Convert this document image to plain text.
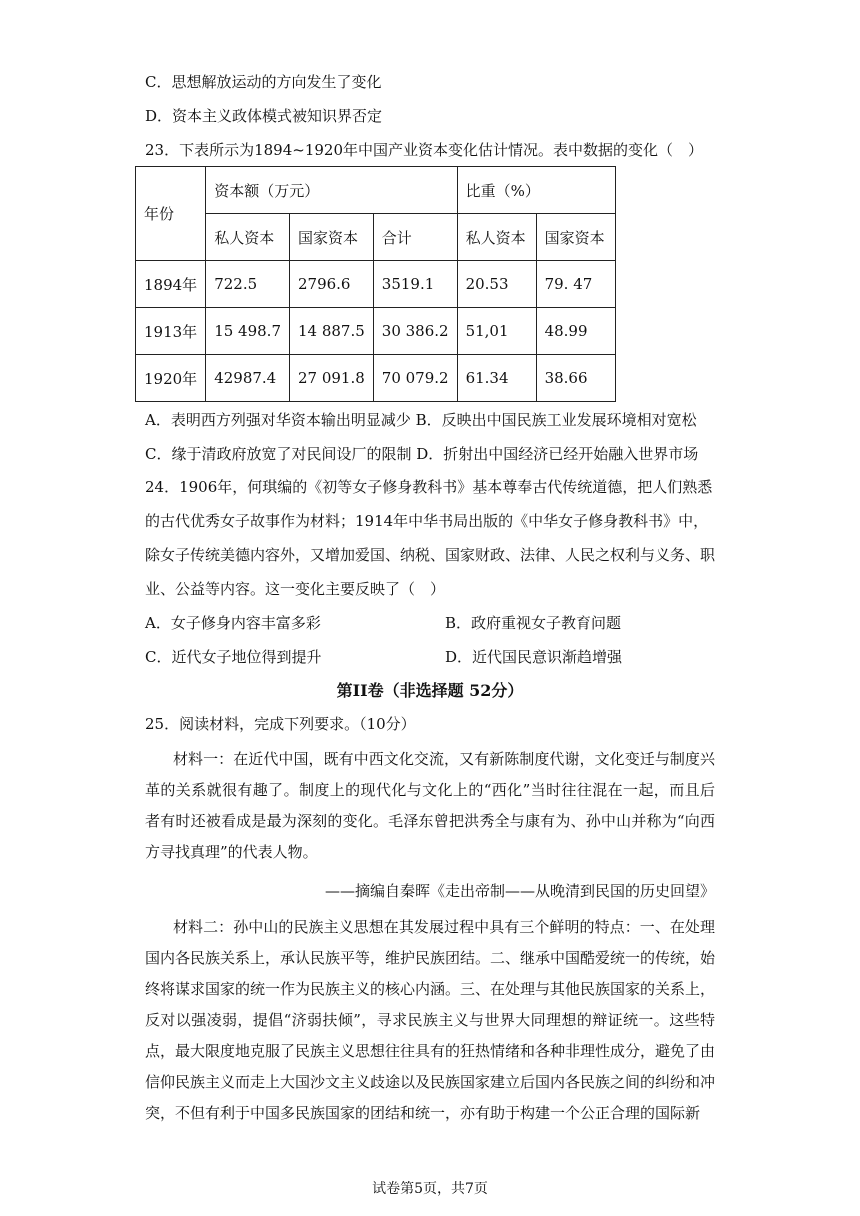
C．思想解放运动的方向发生了变化
D．资本主义政体模式被知识界否定
23．下表所示为1894~1920年中国产业资本变化估计情况。表中数据的变化（　）
年份	资本额（万元）			比重（%）	
	私人资本	国家资本	合计	私人资本	国家资本
1894年	722.5	2796.6	3519.1	20.53	79. 47
1913年	15 498.7	14 887.5	30 386.2	51,01	48.99
1920年	42987.4	27 091.8	70 079.2	61.34	38.66
A．表明西方列强对华资本输出明显减少 B．反映出中国民族工业发展环境相对宽松
C．缘于清政府放宽了对民间设厂的限制 D．折射出中国经济已经开始融入世界市场
24．1906年，何琪编的《初等女子修身教科书》基本尊奉古代传统道德，把人们熟悉
的古代优秀女子故事作为材料；1914年中华书局出版的《中华女子修身教科书》中，
除女子传统美德内容外，又增加爱国、纳税、国家财政、法律、人民之权利与义务、职
业、公益等内容。这一变化主要反映了（　）
A．女子修身内容丰富多彩	B．政府重视女子教育问题
C．近代女子地位得到提升	D．近代国民意识渐趋增强
第II卷（非选择题 52分）
25．阅读材料，完成下列要求。（10分）
材料一：在近代中国，既有中西文化交流，又有新陈制度代谢，文化变迁与制度兴革的关系就很有趣了。制度上的现代化与文化上的“西化”当时往往混在一起，而且后者有时还被看成是最为深刻的变化。毛泽东曾把洪秀全与康有为、孙中山并称为“向西方寻找真理”的代表人物。
——摘编自秦晖《走出帝制——从晚清到民国的历史回望》
材料二：孙中山的民族主义思想在其发展过程中具有三个鲜明的特点：一、在处理国内各民族关系上，承认民族平等，维护民族团结。二、继承中国酷爱统一的传统，始终将谋求国家的统一作为民族主义的核心内涵。三、在处理与其他民族国家的关系上，反对以强凌弱，提倡“济弱扶倾”，寻求民族主义与世界大同理想的辩证统一。这些特点，最大限度地克服了民族主义思想往往具有的狂热情绪和各种非理性成分，避免了由信仰民族主义而走上大国沙文主义歧途以及民族国家建立后国内各民族之间的纠纷和冲突，不但有利于中国多民族国家的团结和统一，亦有助于构建一个公正合理的国际新
试卷第5页，共7页
